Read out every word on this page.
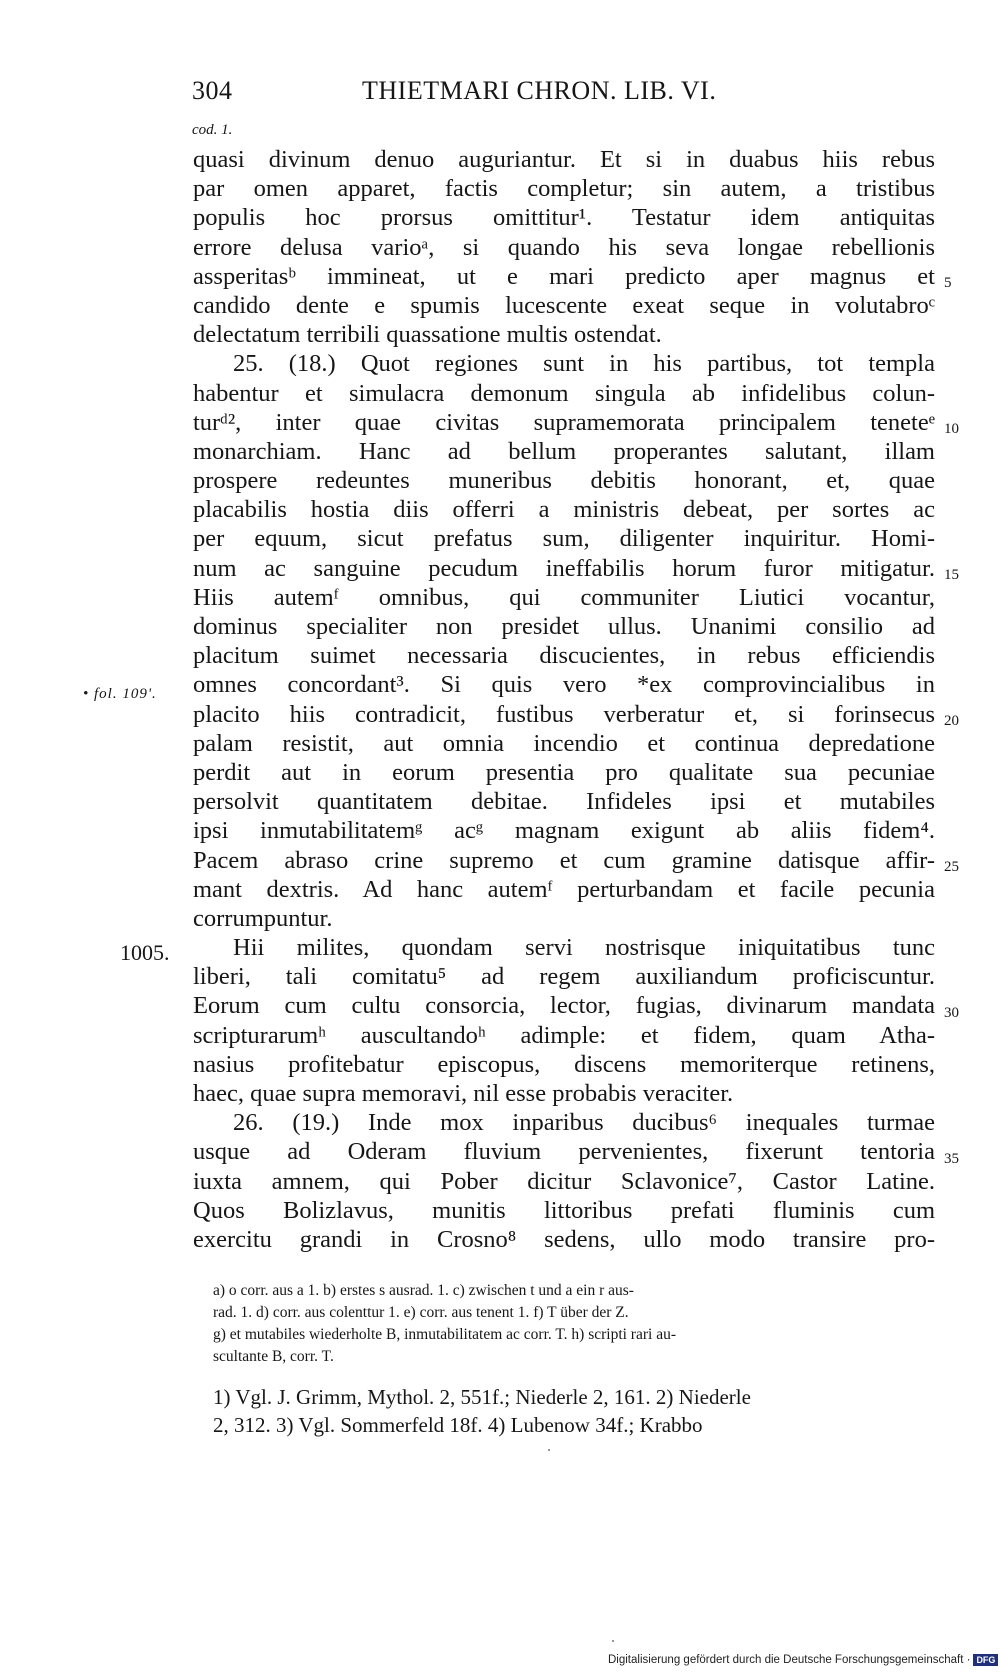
304	THIETMARI CHRON. LIB. VI.
cod. 1.
quasi divinum denuo auguriantur. Et si in duabus hiis rebus
par omen apparet, factis completur; sin autem, a tristibus
populis hoc prorsus omittitur¹. Testatur idem antiquitas
errore delusa varioᵃ, si quando his seva longae rebellionis
assperitasᵇ immineat, ut e mari predicto aper magnus et
candido dente e spumis lucescente exeat seque in volutabroᶜ
delectatum terribili quassatione multis ostendat.
25. (18.) Quot regiones sunt in his partibus, tot templa
habentur et simulacra demonum singula ab infidelibus colun-
turᵈ², inter quae civitas supramemorata principalem teneteᵉ
monarchiam. Hanc ad bellum properantes salutant, illam
prospere redeuntes muneribus debitis honorant, et, quae
placabilis hostia diis offerri a ministris debeat, per sortes ac
per equum, sicut prefatus sum, diligenter inquiritur. Homi-
num ac sanguine pecudum ineffabilis horum furor mitigatur.
Hiis autemᶠ omnibus, qui communiter Liutici vocantur,
dominus specialiter non presidet ullus. Unanimi consilio ad
placitum suimet necessaria discucientes, in rebus efficiendis
omnes concordant³. Si quis vero *ex comprovincialibus in
placito hiis contradicit, fustibus verberatur et, si forinsecus
palam resistit, aut omnia incendio et continua depredatione
perdit aut in eorum presentia pro qualitate sua pecuniae
persolvit quantitatem debitae. Infideles ipsi et mutabiles
ipsi inmutabilitatemᵍ acᵍ magnam exigunt ab aliis fidem⁴.
Pacem abraso crine supremo et cum gramine datisque affir-
mant dextris. Ad hanc autemᶠ perturbandam et facile pecunia
corrumpuntur.
Hii milites, quondam servi nostrisque iniquitatibus tunc
liberi, tali comitatu⁵ ad regem auxiliandum proficiscuntur.
Eorum cum cultu consorcia, lector, fugias, divinarum mandata
scripturarumʰ auscultandoʰ adimple: et fidem, quam Atha-
nasius profitebatur episcopus, discens memoriterque retinens,
haec, quae supra memoravi, nil esse probabis veraciter.
26. (19.) Inde mox inparibus ducibus⁶ inequales turmae
usque ad Oderam fluvium pervenientes, fixerunt tentoria
iuxta amnem, qui Pober dicitur Sclavonice⁷, Castor Latine.
Quos Bolizlavus, munitis littoribus prefati fluminis cum
exercitu grandi in Crosno⁸ sedens, ullo modo transire pro-
5
10
15
20
25
30
35
• fol. 109'.
1005.
a) o corr. aus a 1. b) erstes s ausrad. 1. c) zwischen t und a ein r aus-
rad. 1. d) corr. aus colenttur 1. e) corr. aus tenent 1. f) T über der Z.
g) et mutabiles wiederholte B, inmutabilitatem ac corr. T. h) scripti rari au-
scultante B, corr. T.
1) Vgl. J. Grimm, Mythol. 2, 551f.; Niederle 2, 161. 2) Niederle
2, 312. 3) Vgl. Sommerfeld 18f. 4) Lubenow 34f.; Krabbo
Digitalisierung gefördert durch die Deutsche Forschungsgemeinschaft · DFG
